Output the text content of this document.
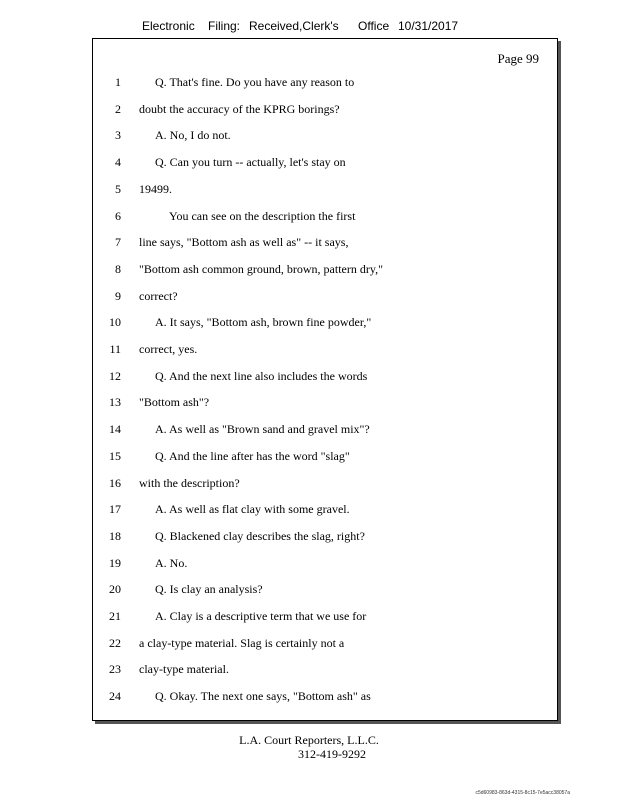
Electronic Filing: Received,Clerk's Office 10/31/2017
Page 99
1	Q. That's fine. Do you have any reason to
2 doubt the accuracy of the KPRG borings?
3	A. No, I do not.
4	Q. Can you turn -- actually, let's stay on
5 19499.
6	You can see on the description the first
7 line says, "Bottom ash as well as" -- it says,
8 "Bottom ash common ground, brown, pattern dry,"
9 correct?
10	A. It says, "Bottom ash, brown fine powder,"
11 correct, yes.
12	Q. And the next line also includes the words
13 "Bottom ash"?
14	A. As well as "Brown sand and gravel mix"?
15	Q. And the line after has the word "slag"
16 with the description?
17	A. As well as flat clay with some gravel.
18	Q. Blackened clay describes the slag, right?
19	A. No.
20	Q. Is clay an analysis?
21	A. Clay is a descriptive term that we use for
22 a clay-type material. Slag is certainly not a
23 clay-type material.
24	Q. Okay. The next one says, "Bottom ash" as
L.A. Court Reporters, L.L.C.
312-419-9292
c5d60983-863d-4315-8c15-7e5acc38057a
